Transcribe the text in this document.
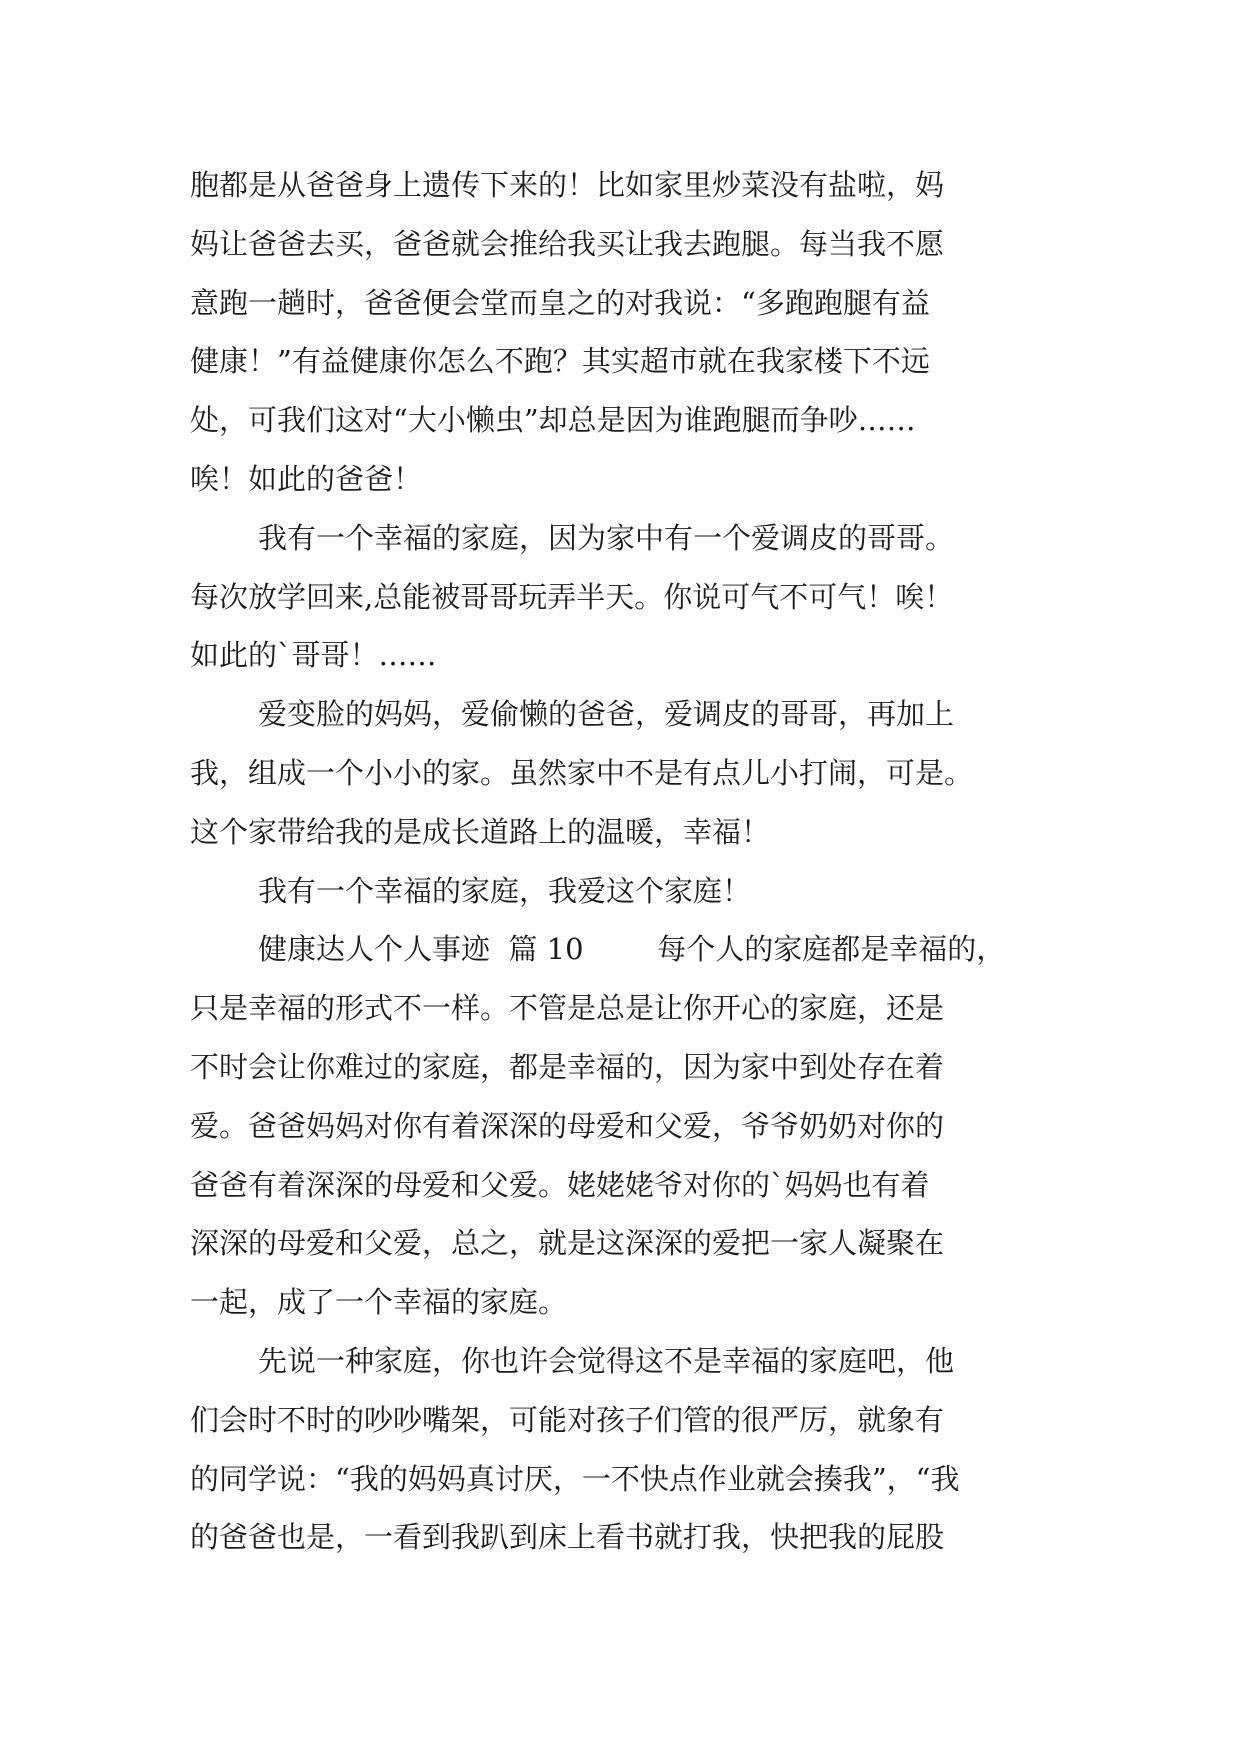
胞都是从爸爸身上遗传下来的！比如家里炒菜没有盐啦，妈
妈让爸爸去买，爸爸就会推给我买让我去跑腿。每当我不愿
意跑一趟时，爸爸便会堂而皇之的对我说：“多跑跑腿有益
健康！”有益健康你怎么不跑？其实超市就在我家楼下不远
处，可我们这对“大小懒虫”却总是因为谁跑腿而争吵……
唉！如此的爸爸！
我有一个幸福的家庭，因为家中有一个爱调皮的哥哥。
每次放学回来,总能被哥哥玩弄半天。你说可气不可气！唉！
如此的`哥哥！……
爱变脸的妈妈，爱偷懒的爸爸，爱调皮的哥哥，再加上
我，组成一个小小的家。虽然家中不是有点儿小打闹，可是。
这个家带给我的是成长道路上的温暖，幸福！
我有一个幸福的家庭，我爱这个家庭！
健康达人个人事迹  篇 10        每个人的家庭都是幸福的，
只是幸福的形式不一样。不管是总是让你开心的家庭，还是
不时会让你难过的家庭，都是幸福的，因为家中到处存在着
爱。爸爸妈妈对你有着深深的母爱和父爱，爷爷奶奶对你的
爸爸有着深深的母爱和父爱。姥姥姥爷对你的`妈妈也有着
深深的母爱和父爱，总之，就是这深深的爱把一家人凝聚在
一起，成了一个幸福的家庭。
先说一种家庭，你也许会觉得这不是幸福的家庭吧，他
们会时不时的吵吵嘴架，可能对孩子们管的很严厉，就象有
的同学说：“我的妈妈真讨厌，一不快点作业就会揍我”，“我
的爸爸也是，一看到我趴到床上看书就打我，快把我的屁股
